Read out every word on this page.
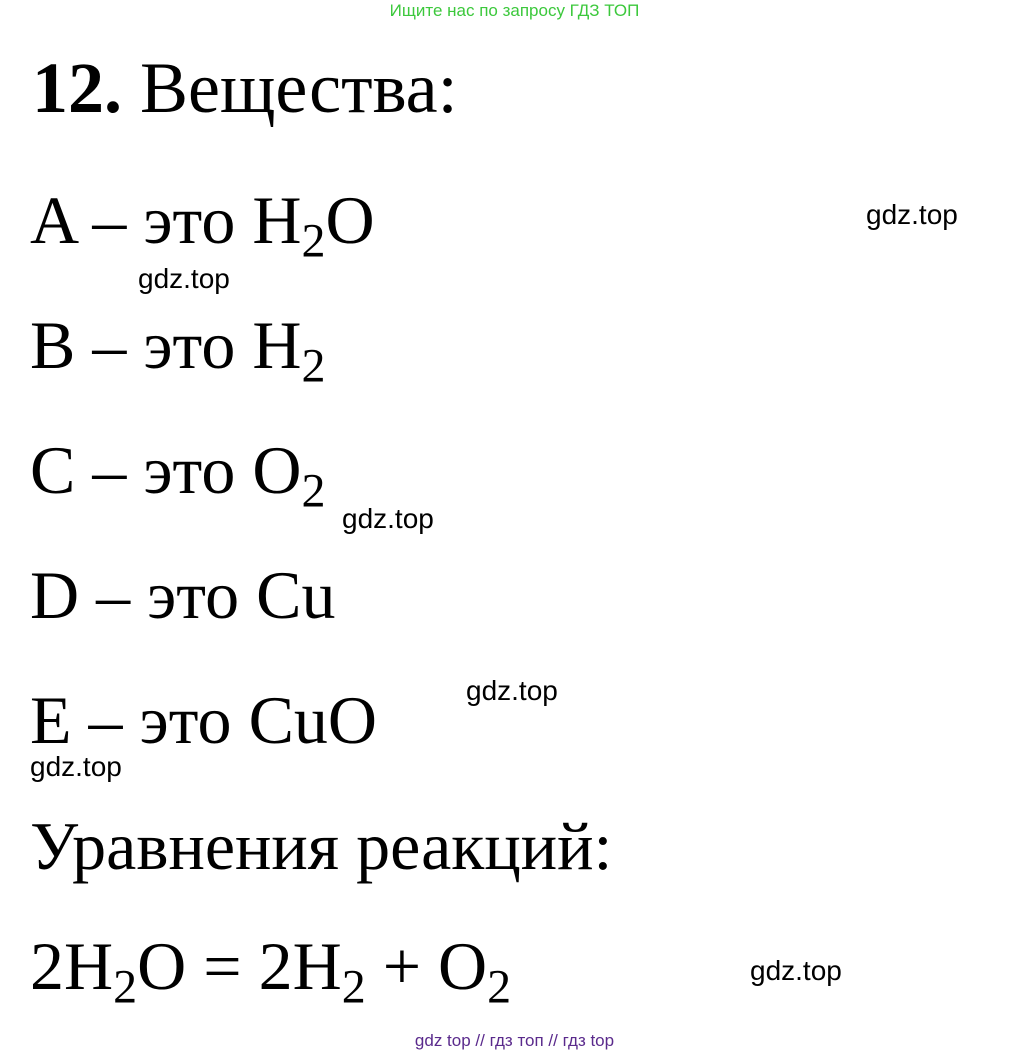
Ищите нас по запросу ГДЗ ТОП
12. Вещества:
A – это $H_2O$
B – это $H_2$
C – это $O_2$
D – это Cu
E – это CuO
Уравнения реакций:
$2H_2O = 2H_2 + O_2$
gdz.top
gdz.top
gdz.top
gdz.top
gdz.top
gdz.top
gdz top // гдз топ // гдз top
